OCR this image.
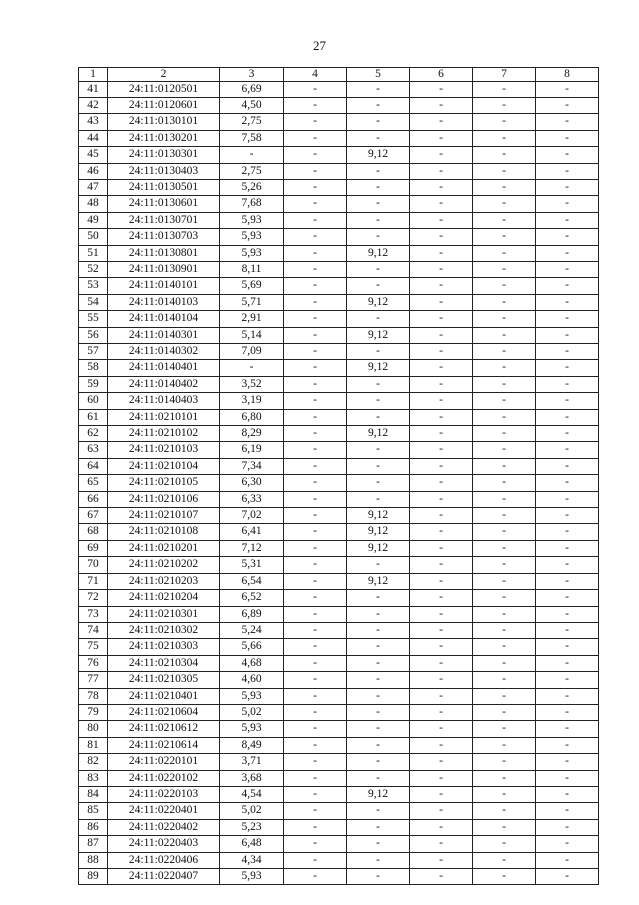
27
1	2	3	4	5	6	7	8
41	24:11:0120501	6,69	-	-	-	-	-
42	24:11:0120601	4,50	-	-	-	-	-
43	24:11:0130101	2,75	-	-	-	-	-
44	24:11:0130201	7,58	-	-	-	-	-
45	24:11:0130301	-	-	9,12	-	-	-
46	24:11:0130403	2,75	-	-	-	-	-
47	24:11:0130501	5,26	-	-	-	-	-
48	24:11:0130601	7,68	-	-	-	-	-
49	24:11:0130701	5,93	-	-	-	-	-
50	24:11:0130703	5,93	-	-	-	-	-
51	24:11:0130801	5,93	-	9,12	-	-	-
52	24:11:0130901	8,11	-	-	-	-	-
53	24:11:0140101	5,69	-	-	-	-	-
54	24:11:0140103	5,71	-	9,12	-	-	-
55	24:11:0140104	2,91	-	-	-	-	-
56	24:11:0140301	5,14	-	9,12	-	-	-
57	24:11:0140302	7,09	-	-	-	-	-
58	24:11:0140401	-	-	9,12	-	-	-
59	24:11:0140402	3,52	-	-	-	-	-
60	24:11:0140403	3,19	-	-	-	-	-
61	24:11:0210101	6,80	-	-	-	-	-
62	24:11:0210102	8,29	-	9,12	-	-	-
63	24:11:0210103	6,19	-	-	-	-	-
64	24:11:0210104	7,34	-	-	-	-	-
65	24:11:0210105	6,30	-	-	-	-	-
66	24:11:0210106	6,33	-	-	-	-	-
67	24:11:0210107	7,02	-	9,12	-	-	-
68	24:11:0210108	6,41	-	9,12	-	-	-
69	24:11:0210201	7,12	-	9,12	-	-	-
70	24:11:0210202	5,31	-	-	-	-	-
71	24:11:0210203	6,54	-	9,12	-	-	-
72	24:11:0210204	6,52	-	-	-	-	-
73	24:11:0210301	6,89	-	-	-	-	-
74	24:11:0210302	5,24	-	-	-	-	-
75	24:11:0210303	5,66	-	-	-	-	-
76	24:11:0210304	4,68	-	-	-	-	-
77	24:11:0210305	4,60	-	-	-	-	-
78	24:11:0210401	5,93	-	-	-	-	-
79	24:11:0210604	5,02	-	-	-	-	-
80	24:11:0210612	5,93	-	-	-	-	-
81	24:11:0210614	8,49	-	-	-	-	-
82	24:11:0220101	3,71	-	-	-	-	-
83	24:11:0220102	3,68	-	-	-	-	-
84	24:11:0220103	4,54	-	9,12	-	-	-
85	24:11:0220401	5,02	-	-	-	-	-
86	24:11:0220402	5,23	-	-	-	-	-
87	24:11:0220403	6,48	-	-	-	-	-
88	24:11:0220406	4,34	-	-	-	-	-
89	24:11:0220407	5,93	-	-	-	-	-
